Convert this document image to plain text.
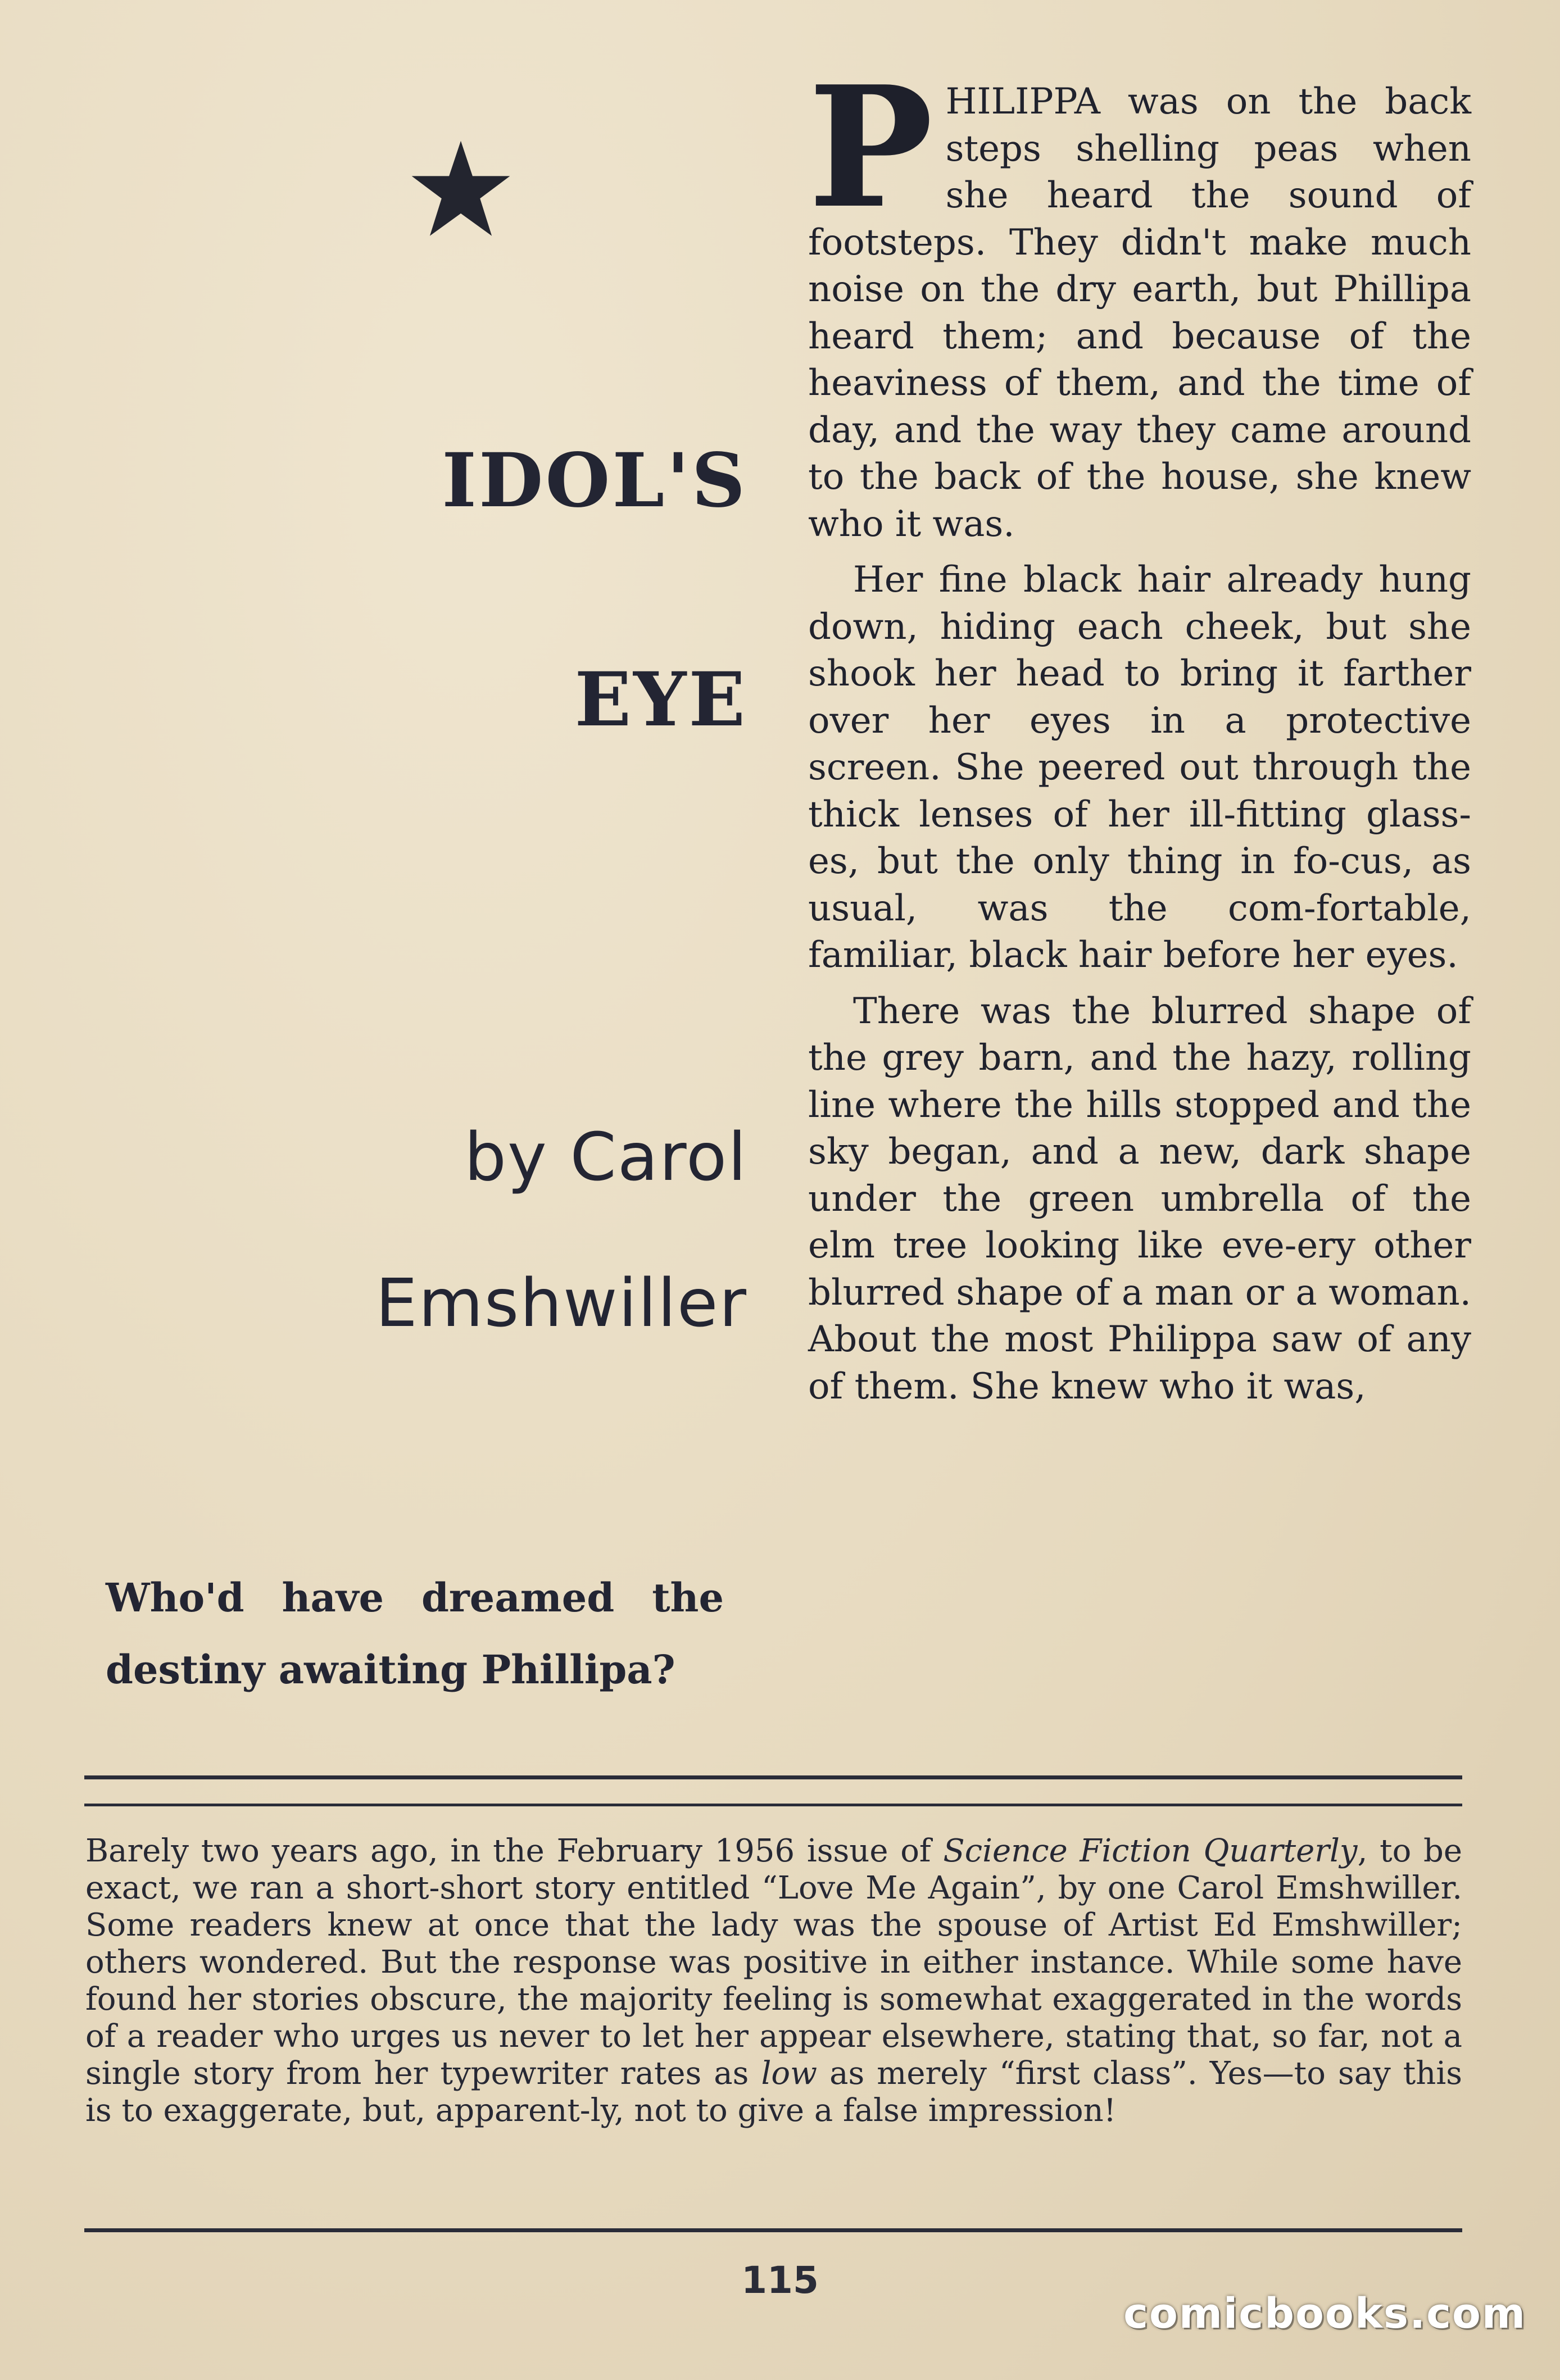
IDOL'S
EYE
by Carol
Emshwiller
Who'd have dreamed the destiny awaiting Phillipa?

PHILIPPA was on the back steps shelling peas when she heard the sound of footsteps. They didn't make much noise on the dry earth, but Phillipa heard them; and because of the heaviness of them, and the time of day, and the way they came around to the back of the house, she knew who it was.

Her fine black hair already hung down, hiding each cheek, but she shook her head to bring it farther over her eyes in a protective screen. She peered out through the thick lenses of her ill-fitting glass-es, but the only thing in fo-cus, as usual, was the com-fortable, familiar, black hair before her eyes.

There was the blurred shape of the grey barn, and the hazy, rolling line where the hills stopped and the sky began, and a new, dark shape under the green umbrella of the elm tree looking like eve-ery other blurred shape of a man or a woman. About the most Philippa saw of any of them. She knew who it was,

Barely two years ago, in the February 1956 issue of Science Fiction Quarterly, to be exact, we ran a short-short story entitled “Love Me Again”, by one Carol Emshwiller. Some readers knew at once that the lady was the spouse of Artist Ed Emshwiller; others wondered. But the response was positive in either instance. While some have found her stories obscure, the majority feeling is somewhat exaggerated in the words of a reader who urges us never to let her appear elsewhere, stating that, so far, not a single story from her typewriter rates as low as merely “first class”. Yes—to say this is to exaggerate, but, apparent-ly, not to give a false impression!
115
comicbooks.com
